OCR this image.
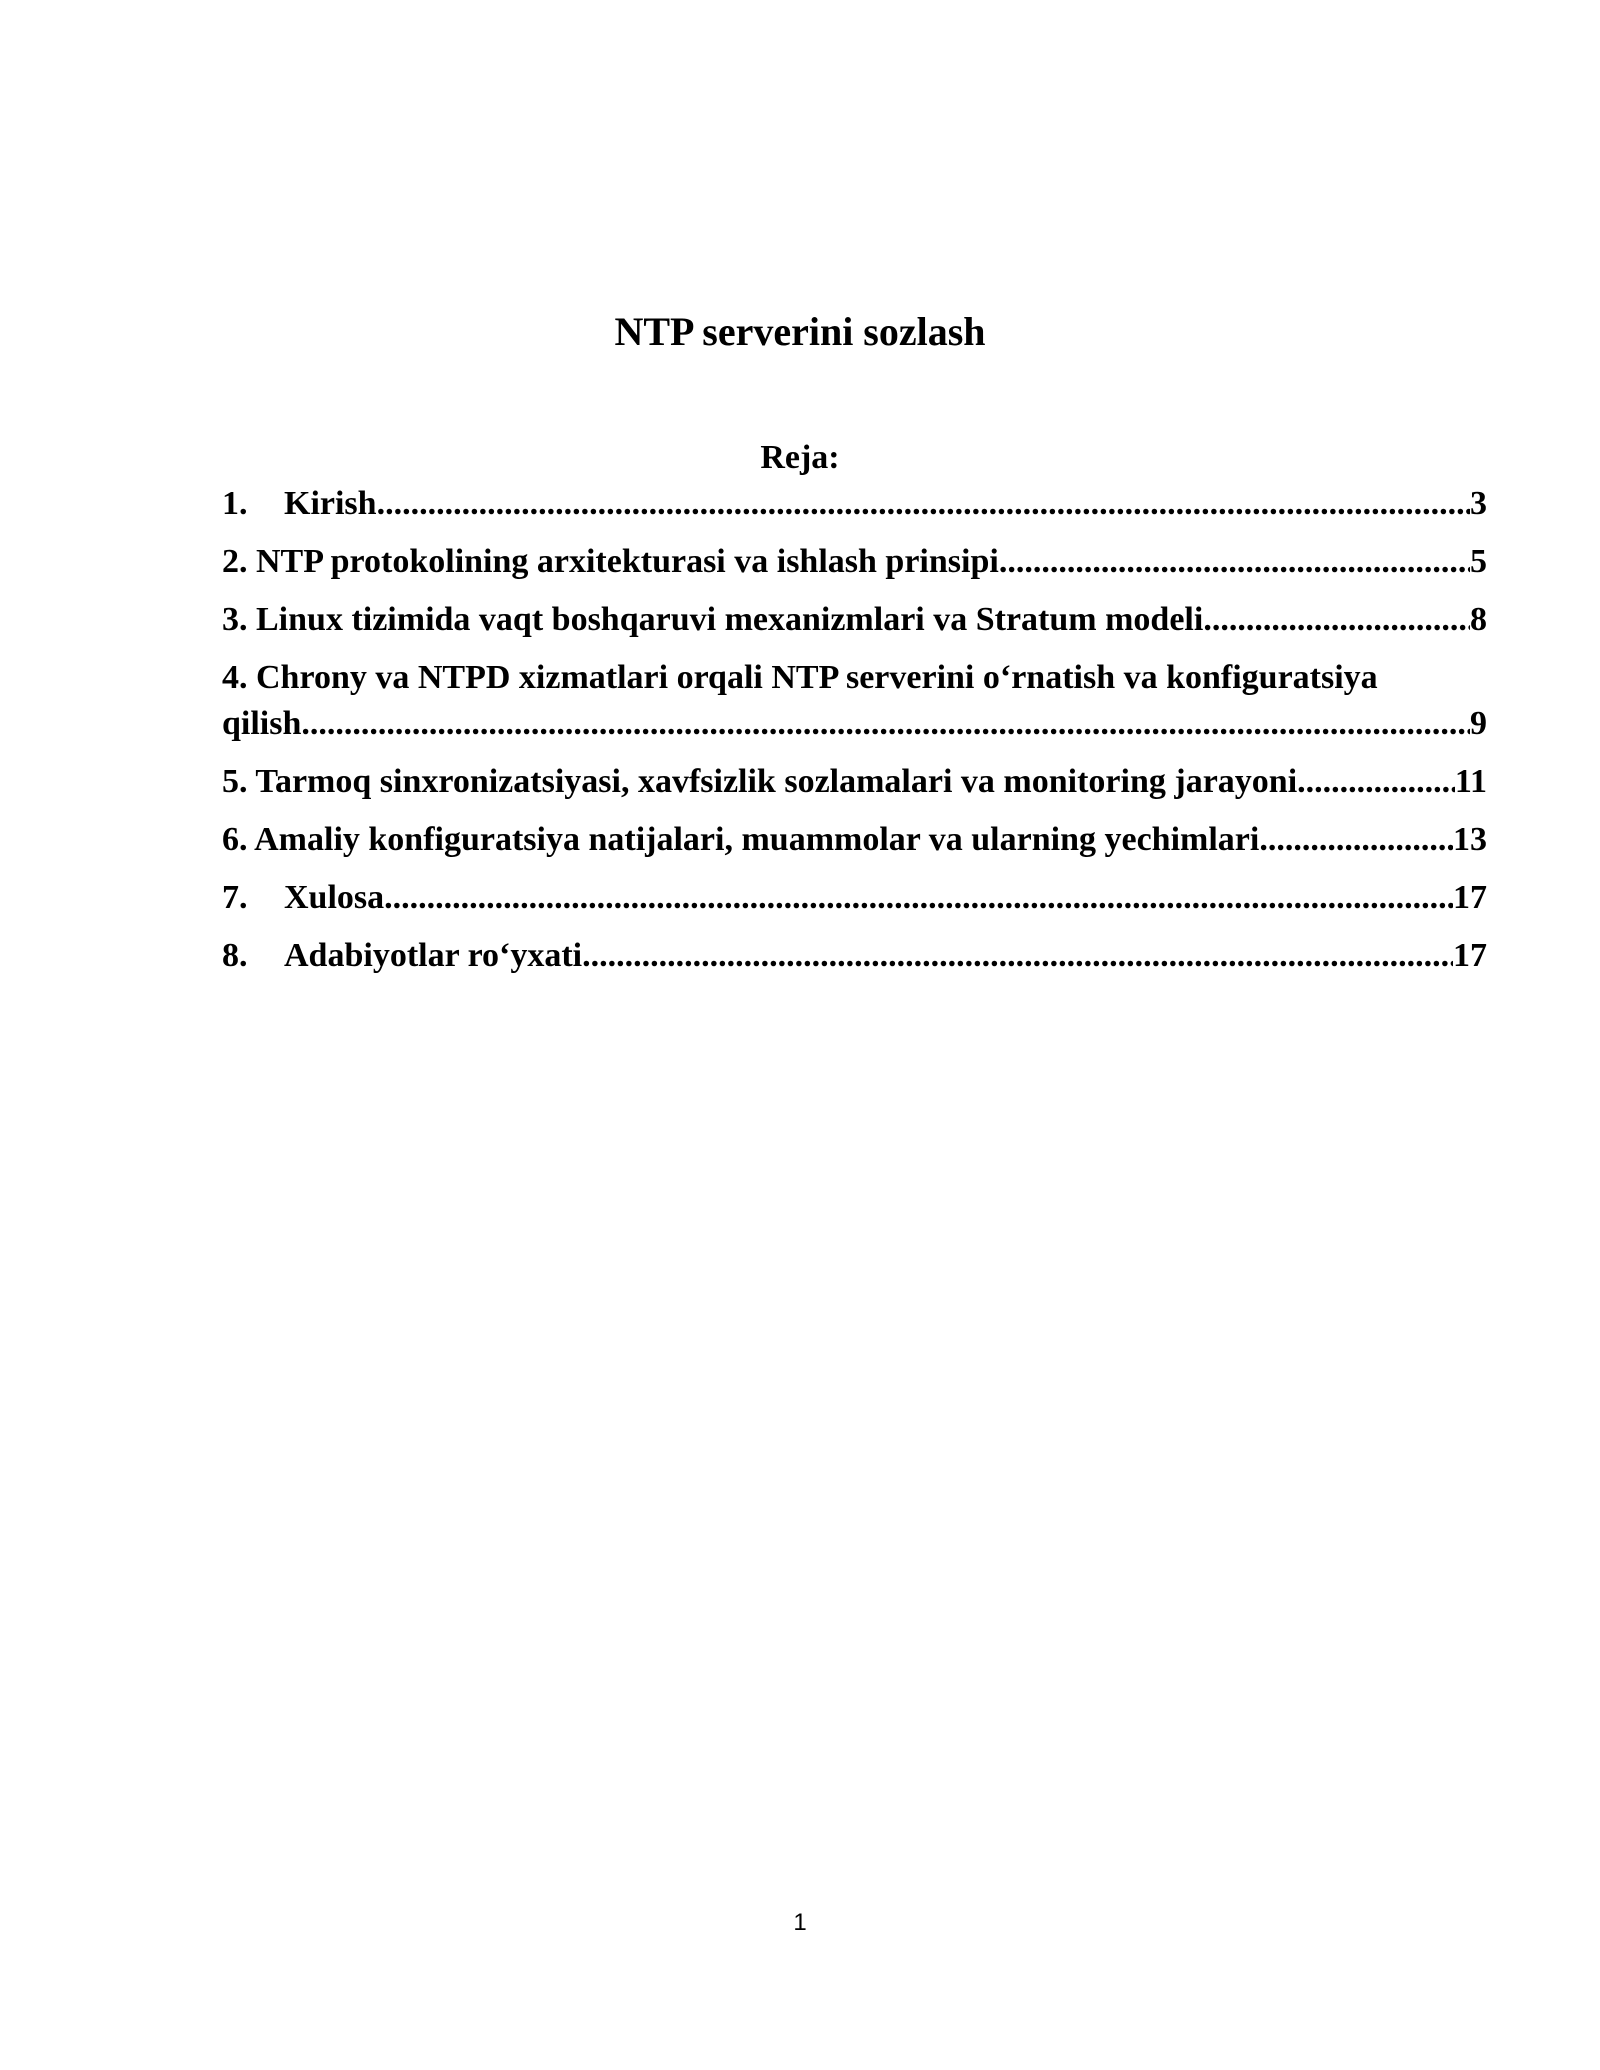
NTP serverini sozlash
Reja:
1.	Kirish .....	3
2. NTP protokolining arxitekturasi va ishlash prinsipi .....	5
3. Linux tizimida vaqt boshqaruvi mexanizmlari va Stratum modeli .....	8
4. Chrony va NTPD xizmatlari orqali NTP serverini o‘rnatish va konfiguratsiya
qilish .....	9
5. Tarmoq sinxronizatsiyasi, xavfsizlik sozlamalari va monitoring jarayoni .....	11
6. Amaliy konfiguratsiya natijalari, muammolar va ularning yechimlari .....	13
7.	Xulosa .....	17
8.	Adabiyotlar ro‘yxati .....	17
1
